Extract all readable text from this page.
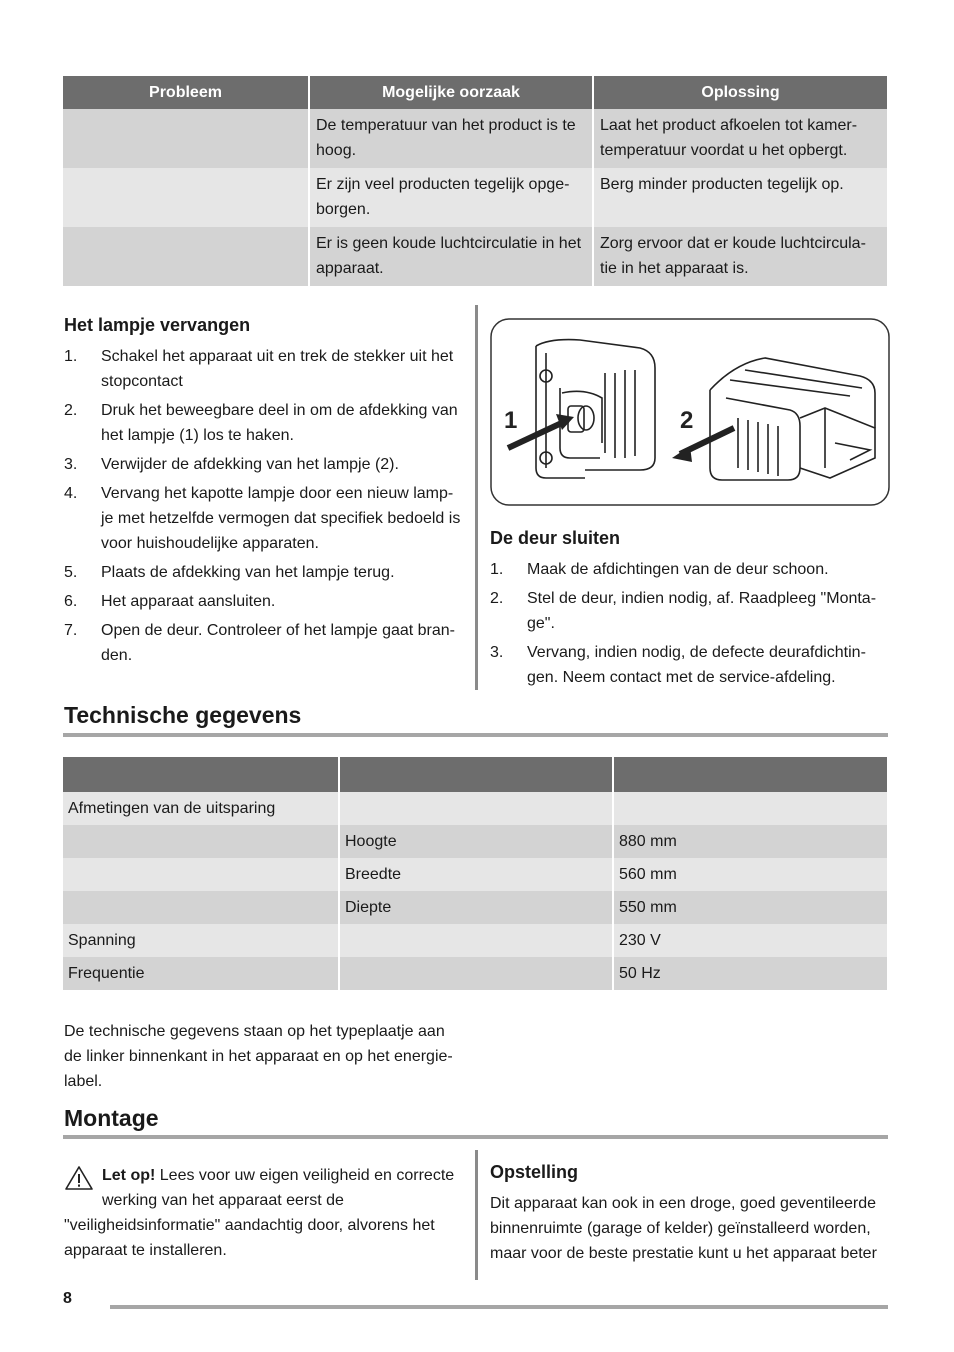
Probleem	Mogelijke oorzaak	Oplossing
	De temperatuur van het product is te hoog.	Laat het product afkoelen tot kamer-temperatuur voordat u het opbergt.
	Er zijn veel producten tegelijk opge-borgen.	Berg minder producten tegelijk op.
	Er is geen koude luchtcirculatie in het apparaat.	Zorg ervoor dat er koude luchtcircula-tie in het apparaat is.
Het lampje vervangen
1.	Schakel het apparaat uit en trek de stekker uit het stopcontact
2.	Druk het beweegbare deel in om de afdekking van het lampje (1) los te haken.
3.	Verwijder de afdekking van het lampje (2).
4.	Vervang het kapotte lampje door een nieuw lamp-je met hetzelfde vermogen dat specifiek bedoeld is voor huishoudelijke apparaten.
5.	Plaats de afdekking van het lampje terug.
6.	Het apparaat aansluiten.
7.	Open de deur. Controleer of het lampje gaat bran-den.
1	2
De deur sluiten
1.	Maak de afdichtingen van de deur schoon.
2.	Stel de deur, indien nodig, af. Raadpleeg "Monta-ge".
3.	Vervang, indien nodig, de defecte deurafdichtin-gen. Neem contact met de service-afdeling.
Technische gegevens

Afmetingen van de uitsparing		
	Hoogte	880 mm
	Breedte	560 mm
	Diepte	550 mm
Spanning		230 V
Frequentie		50 Hz

De technische gegevens staan op het typeplaatje aan de linker binnenkant in het apparaat en op het energie-label.

Montage
Let op! Lees voor uw eigen veiligheid en correcte werking van het apparaat eerst de "veiligheidsinformatie" aandachtig door, alvorens het apparaat te installeren.
Opstelling

Dit apparaat kan ook in een droge, goed geventileerde binnenruimte (garage of kelder) geïnstalleerd worden, maar voor de beste prestatie kunt u het apparaat beter

8
